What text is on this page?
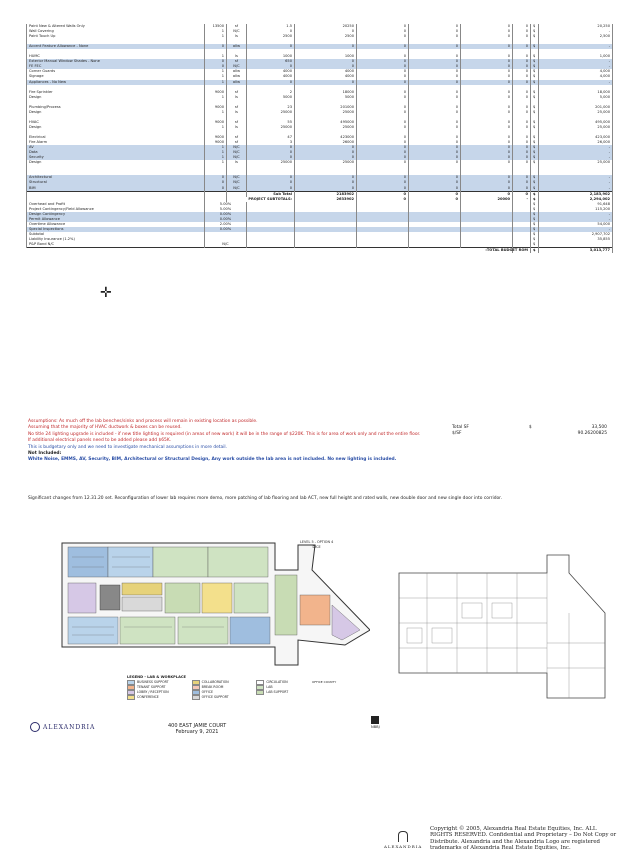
Paint New & Altered Walls Only	13500	sf	1.5	20250	0	0	0	0	$	20,250
Wall Covering	1	N/C	0	0	0	0	0	0	$	-
Paint Touch Up	1	ls	2500	2500	0	0	0	0	$	2,500

Accent Feature Allowance - None	0	allw	0	0	0	0	0	0	$	-

HUMC	1	ls	1000	1000	0	0	0	0	$	1,000
Exterior Manual Window Shades - None	0	sf	650	0	0	0	0	0	$	-
FE FEC	0	N/C	0	0	0	0	0	0	$	-
Corner Guards	1	allw	4000	4000	0	0	0	0	$	4,000
Signage	1	allw	4000	4000	0	0	0	0	$	4,000
Appliances - No New	1	allw	0	0	0	0	0	0	$	-

Fire Sprinkler	9000	sf	2	18000	0	0	0	0	$	18,000
Design	1	ls	5000	5000	0	0	0	0	$	5,000

Plumbing/Process	9000	sf	23	201000	0	0	0	0	$	201,000
Design	1	ls	25000	25000	0	0	0	0	$	25,000

HVAC	9000	sf	55	495000	0	0	0	0	$	495,000
Design	1	ls	25000	25000	0	0	0	0	$	25,000

Electrical	9000	sf	47	423000	0	0	0	0	$	423,000
Fire Alarm	9000	sf	3	26000	0	0	0	0	$	26,000
AV	1	N/C	0	0	0	0	0	0	$	-
Data	1	N/C	0	0	0	0	0	0	$	-
Security	1	N/C	0	0	0	0	0	0	$	-
Design	1	ls	25000	25000	0	0	0	0	$	25,000

Architectural	0	N/C	0	0	0	0	0	0	$	-
Structural	0	N/C	0	0	0	0	0	0	$	-
BIM	0	N/C	0	0	0	0	0	0	$	-
			Sub Total	2183902	0	0	0	0	$	2,183,902
		PROJECT SUBTOTALS:		2633902	0	0	20000	-	$	2,294,002
Overhead and Profit	5.00%								$	91,648
Project Contingency/Field Allowance	5.00%								$	115,200
Design Contingency	0.00%								$	-
Permit Allowance	0.00%								$	-
Overtime Allowance	2.00%								$	54,000
Special Inspections	0.00%								$	-
Subtotal									$	2,907,702
Liability Insurance (1.2%)									$	35,855
P&P Bond N/C	N/C								$	
								TOTAL BUDGET ROM:	$	3,013,777
✛
Assumptions: As much off the lab benches/sinks and process will remain in existing location as possible.
Assuming that the majority of HVAC ductwork & boxes can be reused.
No title 24 lighting upgrade is included - if new title lighting is required (in areas of new work) it will be in the range of $220K. This is for area of work only and not the entire floor.
If additional electrical panels need to be added please add $65K.
This is budgetary only and we need to investigate mechanical assumptions in more detail.
Not Included:
White Noise, EMMS, AV, Security, BIM, Architectural or Structural Design, Any work outside the lab area is not included. No new lighting is included.
Total SF	$	33,500
$/SF	90.26200825
Significant changes from 12.31.20 set. Reconfiguration of lower lab requires more demo, more patching of lab flooring and lab ACT, new full height and rated walls, new double door and new single door into corridor.
LEVEL 5 - OPTION 4
DICE
OFFICE COUNTY
LEGEND - LAB & WORKPLACE
BUSINESS SUPPORT	COLLABORATION	CIRCULATION
TENANT SUPPORT	BREAK ROOM	LAB
LOBBY / RECEPTION	OFFICE	LAB SUPPORT
CONFERENCE	OFFICE SUPPORT
ALEXANDRIA	400 EAST JAMIE COURT
February 9, 2021
NBBJ
ALEXANDRIA
Copyright © 2005, Alexandria Real Estate Equities, Inc. ALL RIGHTS RESERVED. Confidential and Proprietary – Do Not Copy or Distribute. Alexandria and the Alexandria Logo are registered trademarks of Alexandria Real Estate Equities, Inc.
